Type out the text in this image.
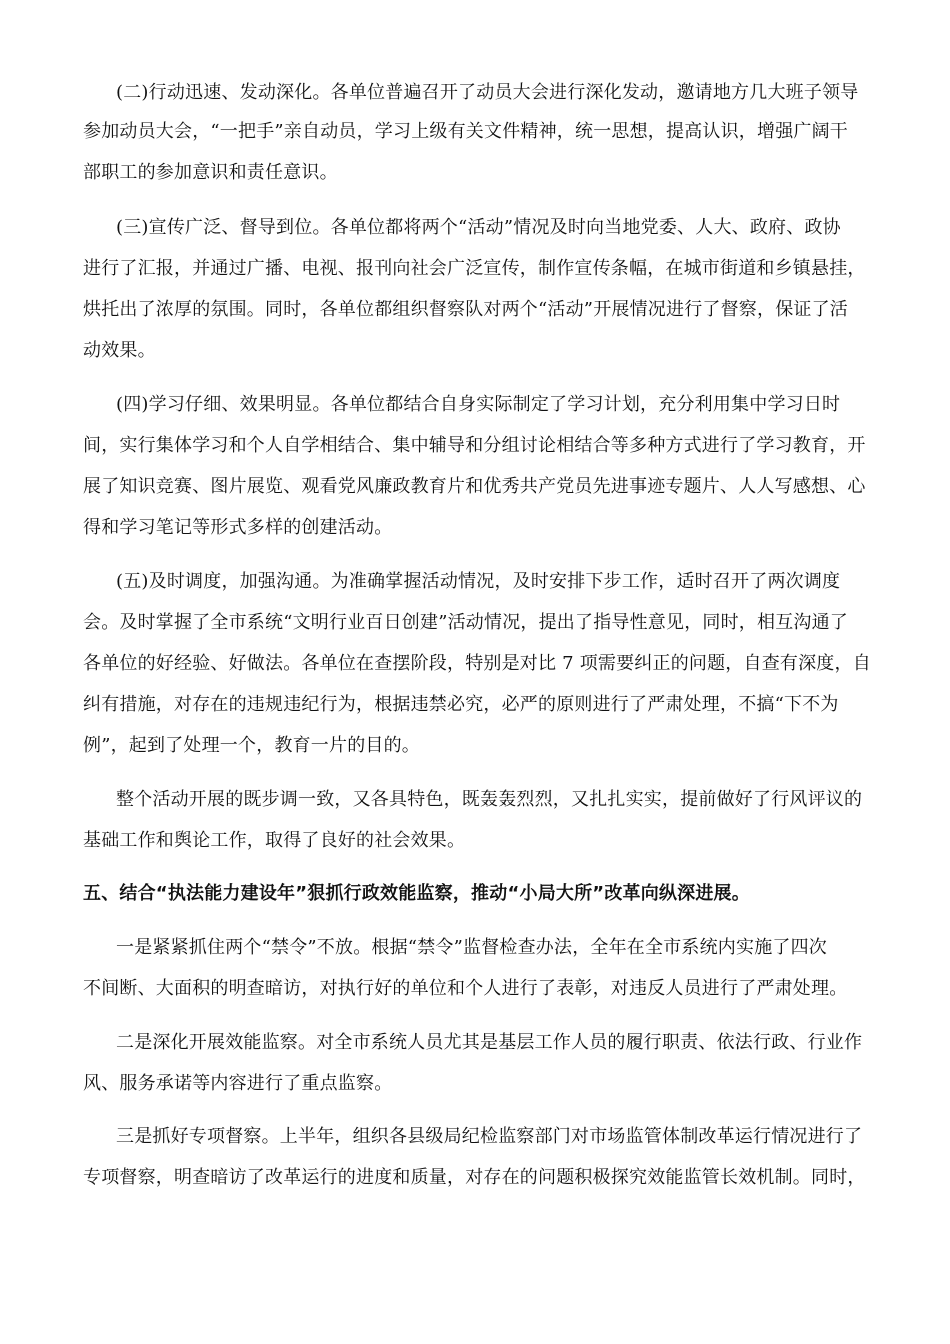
(二)行动迅速、发动深化。各单位普遍召开了动员大会进行深化发动，邀请地方几大班子领导
参加动员大会，“一把手”亲自动员，学习上级有关文件精神，统一思想，提高认识，增强广阔干
部职工的参加意识和责任意识。
(三)宣传广泛、督导到位。各单位都将两个“活动”情况及时向当地党委、人大、政府、政协
进行了汇报，并通过广播、电视、报刊向社会广泛宣传，制作宣传条幅，在城市街道和乡镇悬挂，
烘托出了浓厚的氛围。同时，各单位都组织督察队对两个“活动”开展情况进行了督察，保证了活
动效果。
(四)学习仔细、效果明显。各单位都结合自身实际制定了学习计划，充分利用集中学习日时
间，实行集体学习和个人自学相结合、集中辅导和分组讨论相结合等多种方式进行了学习教育，开
展了知识竞赛、图片展览、观看党风廉政教育片和优秀共产党员先进事迹专题片、人人写感想、心
得和学习笔记等形式多样的创建活动。
(五)及时调度，加强沟通。为准确掌握活动情况，及时安排下步工作，适时召开了两次调度
会。及时掌握了全市系统“文明行业百日创建”活动情况，提出了指导性意见，同时，相互沟通了
各单位的好经验、好做法。各单位在查摆阶段，特别是对比 7 项需要纠正的问题，自查有深度，自
纠有措施，对存在的违规违纪行为，根据违禁必究，必严的原则进行了严肃处理，不搞“下不为
例”，起到了处理一个，教育一片的目的。
整个活动开展的既步调一致，又各具特色，既轰轰烈烈，又扎扎实实，提前做好了行风评议的
基础工作和舆论工作，取得了良好的社会效果。
五、结合“执法能力建设年”狠抓行政效能监察，推动“小局大所”改革向纵深进展。
一是紧紧抓住两个“禁令”不放。根据“禁令”监督检查办法，全年在全市系统内实施了四次
不间断、大面积的明查暗访，对执行好的单位和个人进行了表彰，对违反人员进行了严肃处理。
二是深化开展效能监察。对全市系统人员尤其是基层工作人员的履行职责、依法行政、行业作
风、服务承诺等内容进行了重点监察。
三是抓好专项督察。上半年，组织各县级局纪检监察部门对市场监管体制改革运行情况进行了
专项督察，明查暗访了改革运行的进度和质量，对存在的问题积极探究效能监管长效机制。同时，
